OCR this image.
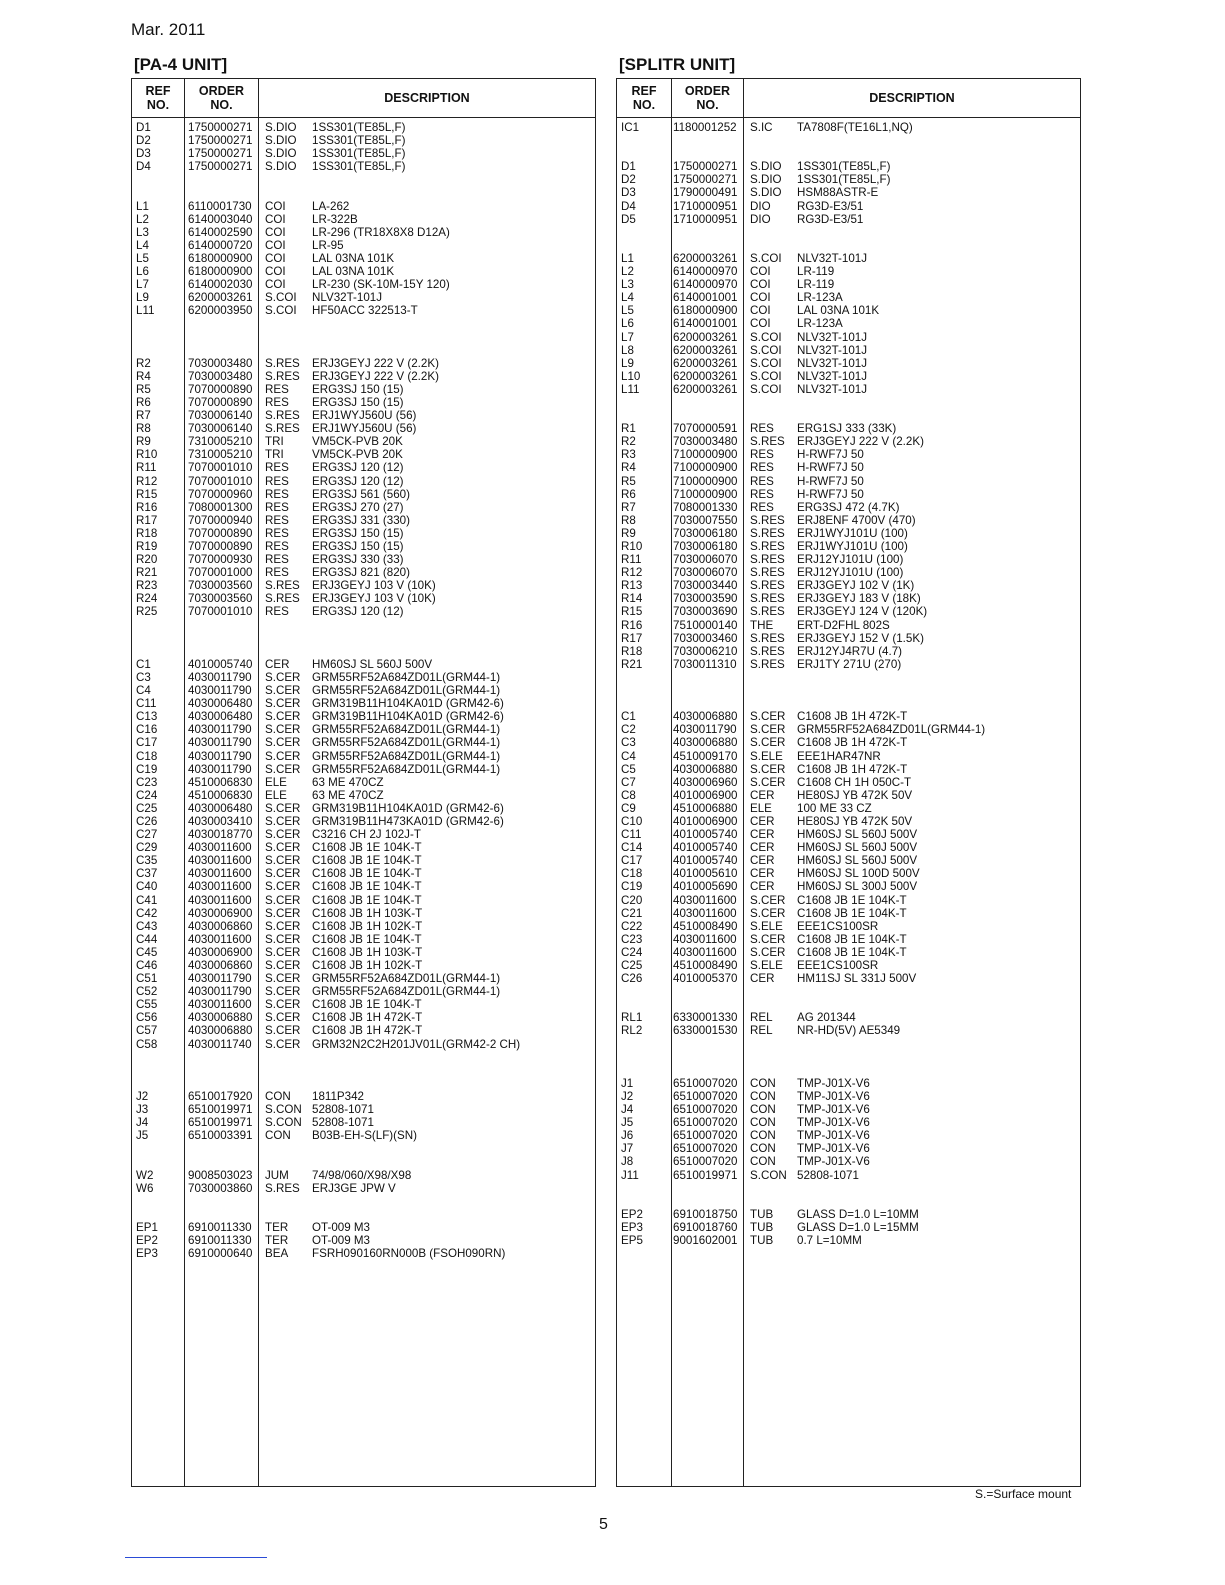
Mar. 2011
[PA-4 UNIT]
REF
NO.
ORDER
NO.	DESCRIPTION
D1	1750000271 S.DIO 1SS301(TE85L,F)
D2	1750000271 S.DIO 1SS301(TE85L,F)
D3	1750000271 S.DIO 1SS301(TE85L,F)
D4	1750000271 S.DIO 1SS301(TE85L,F)
L1	6110001730 COI LA-262
L2	6140003040 COI LR-322B
L3	6140002590 COI LR-296 (TR18X8X8 D12A)
L4	6140000720 COI LR-95
L5	6180000900 COI LAL 03NA 101K
L6	6180000900 COI LAL 03NA 101K
L7	6140002030 COI LR-230 (SK-10M-15Y 120)
L9	6200003261 S.COI NLV32T-101J
L11	6200003950 S.COI HF50ACC 322513-T
R2	7030003480 S.RES ERJ3GEYJ 222 V (2.2K)
R4	7030003480 S.RES ERJ3GEYJ 222 V (2.2K)
R5	7070000890 RES ERG3SJ 150 (15)
R6	7070000890 RES ERG3SJ 150 (15)
R7	7030006140 S.RES ERJ1WYJ560U (56)
R8	7030006140 S.RES ERJ1WYJ560U (56)
R9	7310005210 TRI VM5CK-PVB 20K
R10	7310005210 TRI VM5CK-PVB 20K
R11	7070001010 RES ERG3SJ 120 (12)
R12	7070001010 RES ERG3SJ 120 (12)
R15	7070000960 RES ERG3SJ 561 (560)
R16	7080001300 RES ERG3SJ 270 (27)
R17	7070000940 RES ERG3SJ 331 (330)
R18	7070000890 RES ERG3SJ 150 (15)
R19	7070000890 RES ERG3SJ 150 (15)
R20	7070000930 RES ERG3SJ 330 (33)
R21	7070001000 RES ERG3SJ 821 (820)
R23	7030003560 S.RES ERJ3GEYJ 103 V (10K)
R24	7030003560 S.RES ERJ3GEYJ 103 V (10K)
R25	7070001010 RES ERG3SJ 120 (12)
C1	4010005740 CER HM60SJ SL 560J 500V
C3	4030011790 S.CER GRM55RF52A684ZD01L(GRM44-1)
C4	4030011790 S.CER GRM55RF52A684ZD01L(GRM44-1)
C11	4030006480 S.CER GRM319B11H104KA01D (GRM42-6)
C13	4030006480 S.CER GRM319B11H104KA01D (GRM42-6)
C16	4030011790 S.CER GRM55RF52A684ZD01L(GRM44-1)
C17	4030011790 S.CER GRM55RF52A684ZD01L(GRM44-1)
C18	4030011790 S.CER GRM55RF52A684ZD01L(GRM44-1)
C19	4030011790 S.CER GRM55RF52A684ZD01L(GRM44-1)
C23	4510006830 ELE 63 ME 470CZ
C24	4510006830 ELE 63 ME 470CZ
C25	4030006480 S.CER GRM319B11H104KA01D (GRM42-6)
C26	4030003410 S.CER GRM319B11H473KA01D (GRM42-6)
C27	4030018770 S.CER C3216 CH 2J 102J-T
C29	4030011600 S.CER C1608 JB 1E 104K-T
C35	4030011600 S.CER C1608 JB 1E 104K-T
C37	4030011600 S.CER C1608 JB 1E 104K-T
C40	4030011600 S.CER C1608 JB 1E 104K-T
C41	4030011600 S.CER C1608 JB 1E 104K-T
C42	4030006900 S.CER C1608 JB 1H 103K-T
C43	4030006860 S.CER C1608 JB 1H 102K-T
C44	4030011600 S.CER C1608 JB 1E 104K-T
C45	4030006900 S.CER C1608 JB 1H 103K-T
C46	4030006860 S.CER C1608 JB 1H 102K-T
C51	4030011790 S.CER GRM55RF52A684ZD01L(GRM44-1)
C52	4030011790 S.CER GRM55RF52A684ZD01L(GRM44-1)
C55	4030011600 S.CER C1608 JB 1E 104K-T
C56	4030006880 S.CER C1608 JB 1H 472K-T
C57	4030006880 S.CER C1608 JB 1H 472K-T
C58	4030011740 S.CER GRM32N2C2H201JV01L(GRM42-2 CH)
J2	6510017920 CON 1811P342
J3	6510019971 S.CON 52808-1071
J4	6510019971 S.CON 52808-1071
J5	6510003391 CON B03B-EH-S(LF)(SN)
W2	9008503023 JUM 74/98/060/X98/X98
W6	7030003860 S.RES ERJ3GE JPW V
EP1	6910011330 TER OT-009 M3
EP2	6910011330 TER OT-009 M3
EP3	6910000640 BEA FSRH090160RN000B (FSOH090RN)
[SPLITR UNIT]
REF
NO.
ORDER
NO.	DESCRIPTION
IC1	1180001252 S.IC TA7808F(TE16L1,NQ)
D1	1750000271 S.DIO 1SS301(TE85L,F)
D2	1750000271 S.DIO 1SS301(TE85L,F)
D3	1790000491 S.DIO HSM88ASTR-E
D4	1710000951 DIO RG3D-E3/51
D5	1710000951 DIO RG3D-E3/51
L1	6200003261 S.COI NLV32T-101J
L2	6140000970 COI LR-119
L3	6140000970 COI LR-119
L4	6140001001 COI LR-123A
L5	6180000900 COI LAL 03NA 101K
L6	6140001001 COI LR-123A
L7	6200003261 S.COI NLV32T-101J
L8	6200003261 S.COI NLV32T-101J
L9	6200003261 S.COI NLV32T-101J
L10	6200003261 S.COI NLV32T-101J
L11	6200003261 S.COI NLV32T-101J
R1	7070000591 RES ERG1SJ 333 (33K)
R2	7030003480 S.RES ERJ3GEYJ 222 V (2.2K)
R3	7100000900 RES H-RWF7J 50
R4	7100000900 RES H-RWF7J 50
R5	7100000900 RES H-RWF7J 50
R6	7100000900 RES H-RWF7J 50
R7	7080001330 RES ERG3SJ 472 (4.7K)
R8	7030007550 S.RES ERJ8ENF 4700V (470)
R9	7030006180 S.RES ERJ1WYJ101U (100)
R10	7030006180 S.RES ERJ1WYJ101U (100)
R11	7030006070 S.RES ERJ12YJ101U (100)
R12	7030006070 S.RES ERJ12YJ101U (100)
R13	7030003440 S.RES ERJ3GEYJ 102 V (1K)
R14	7030003590 S.RES ERJ3GEYJ 183 V (18K)
R15	7030003690 S.RES ERJ3GEYJ 124 V (120K)
R16	7510000140 THE ERT-D2FHL 802S
R17	7030003460 S.RES ERJ3GEYJ 152 V (1.5K)
R18	7030006210 S.RES ERJ12YJ4R7U (4.7)
R21	7030011310 S.RES ERJ1TY 271U (270)
C1	4030006880 S.CER C1608 JB 1H 472K-T
C2	4030011790 S.CER GRM55RF52A684ZD01L(GRM44-1)
C3	4030006880 S.CER C1608 JB 1H 472K-T
C4	4510009170 S.ELE EEE1HAR47NR
C5	4030006880 S.CER C1608 JB 1H 472K-T
C7	4030006960 S.CER C1608 CH 1H 050C-T
C8	4010006900 CER HE80SJ YB 472K 50V
C9	4510006880 ELE 100 ME 33 CZ
C10	4010006900 CER HE80SJ YB 472K 50V
C11	4010005740 CER HM60SJ SL 560J 500V
C14	4010005740 CER HM60SJ SL 560J 500V
C17	4010005740 CER HM60SJ SL 560J 500V
C18	4010005610 CER HM60SJ SL 100D 500V
C19	4010005690 CER HM60SJ SL 300J 500V
C20	4030011600 S.CER C1608 JB 1E 104K-T
C21	4030011600 S.CER C1608 JB 1E 104K-T
C22	4510008490 S.ELE EEE1CS100SR
C23	4030011600 S.CER C1608 JB 1E 104K-T
C24	4030011600 S.CER C1608 JB 1E 104K-T
C25	4510008490 S.ELE EEE1CS100SR
C26	4010005370 CER HM11SJ SL 331J 500V
RL1	6330001330 REL AG 201344
RL2	6330001530 REL NR-HD(5V) AE5349
J1	6510007020 CON TMP-J01X-V6
J2	6510007020 CON TMP-J01X-V6
J4	6510007020 CON TMP-J01X-V6
J5	6510007020 CON TMP-J01X-V6
J6	6510007020 CON TMP-J01X-V6
J7	6510007020 CON TMP-J01X-V6
J8	6510007020 CON TMP-J01X-V6
J11	6510019971 S.CON 52808-1071
EP2	6910018750 TUB GLASS D=1.0 L=10MM
EP3	6910018760 TUB GLASS D=1.0 L=15MM
EP5	9001602001 TUB 0.7 L=10MM
S.=Surface mount
5
